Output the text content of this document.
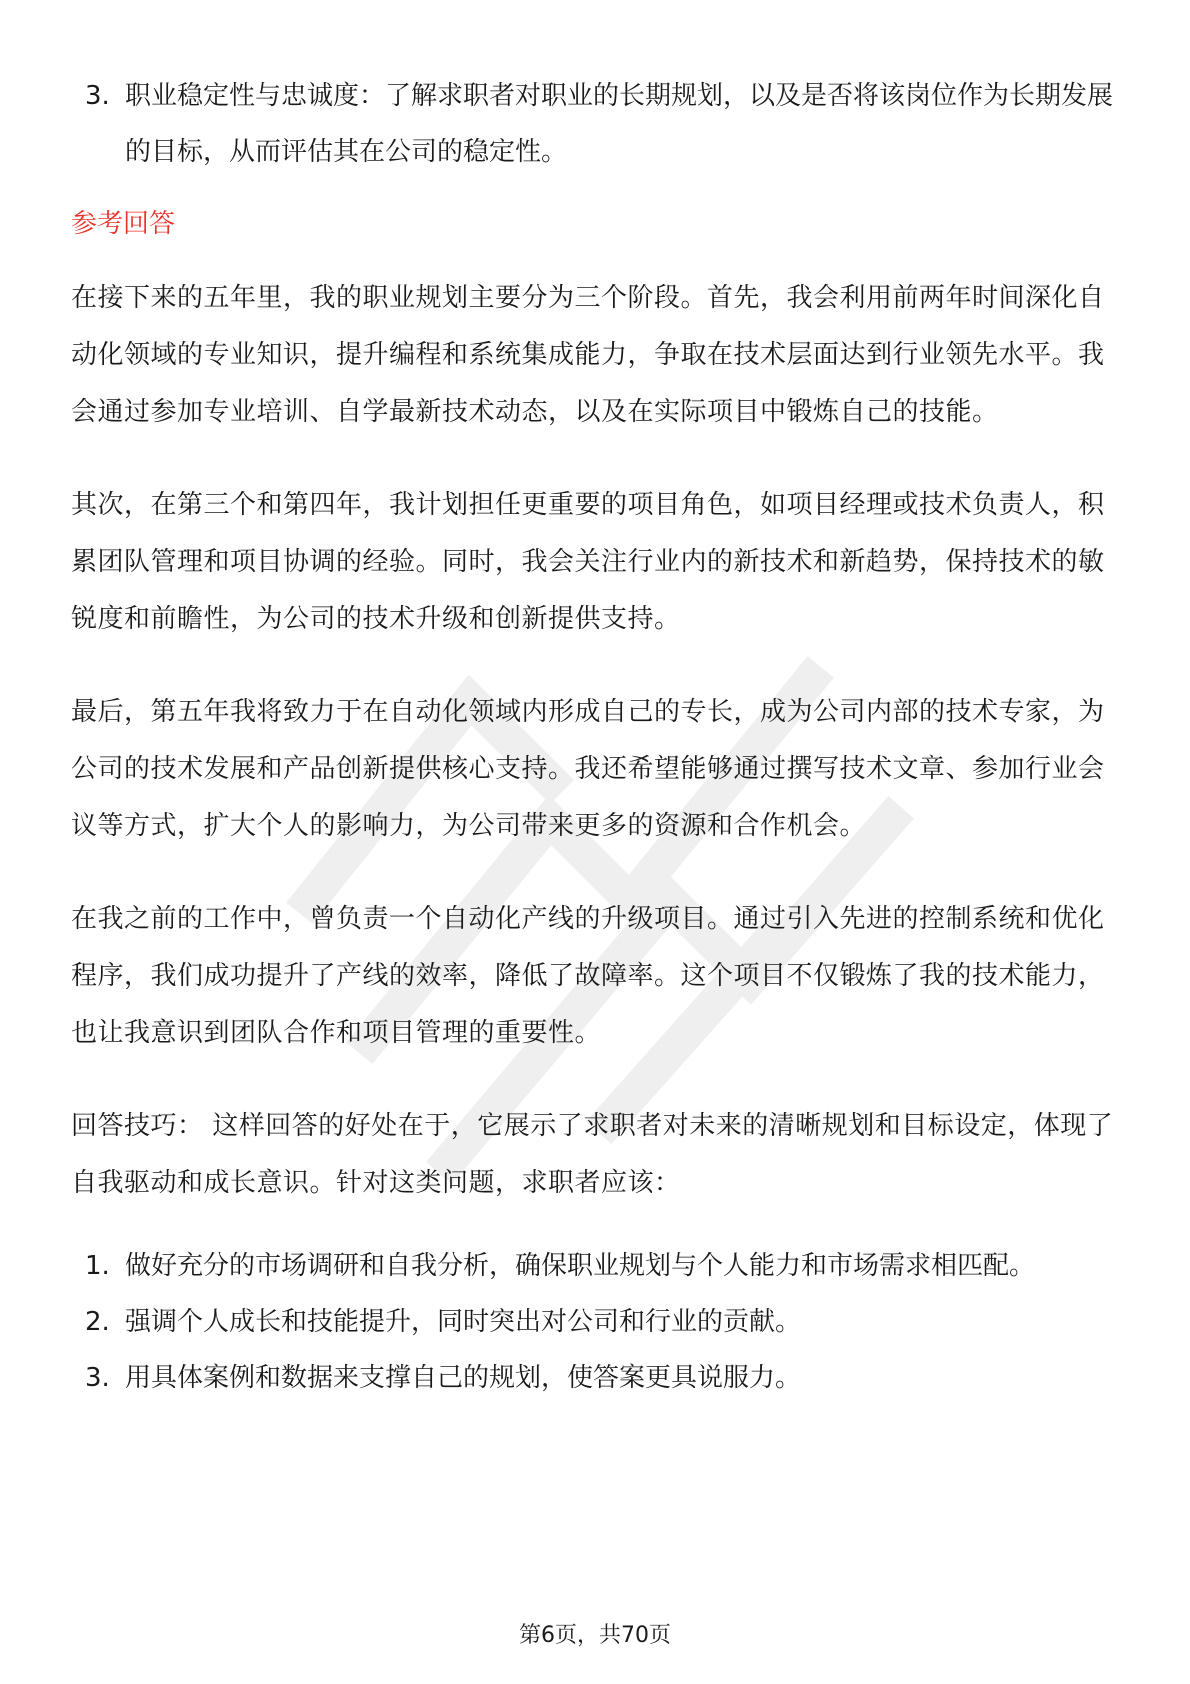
3. 职业稳定性与忠诚度：了解求职者对职业的长期规划，以及是否将该岗位作为长期发展的目标，从而评估其在公司的稳定性。
参考回答

在接下来的五年里，我的职业规划主要分为三个阶段。首先，我会利用前两年时间深化自动化领域的专业知识，提升编程和系统集成能力，争取在技术层面达到行业领先水平。我会通过参加专业培训、自学最新技术动态，以及在实际项目中锻炼自己的技能。

其次，在第三个和第四年，我计划担任更重要的项目角色，如项目经理或技术负责人，积累团队管理和项目协调的经验。同时，我会关注行业内的新技术和新趋势，保持技术的敏锐度和前瞻性，为公司的技术升级和创新提供支持。

最后，第五年我将致力于在自动化领域内形成自己的专长，成为公司内部的技术专家，为公司的技术发展和产品创新提供核心支持。我还希望能够通过撰写技术文章、参加行业会议等方式，扩大个人的影响力，为公司带来更多的资源和合作机会。

在我之前的工作中，曾负责一个自动化产线的升级项目。通过引入先进的控制系统和优化程序，我们成功提升了产线的效率，降低了故障率。这个项目不仅锻炼了我的技术能力，也让我意识到团队合作和项目管理的重要性。

回答技巧： 这样回答的好处在于，它展示了求职者对未来的清晰规划和目标设定，体现了自我驱动和成长意识。针对这类问题，求职者应该：

1. 做好充分的市场调研和自我分析，确保职业规划与个人能力和市场需求相匹配。
2. 强调个人成长和技能提升，同时突出对公司和行业的贡献。
3. 用具体案例和数据来支撑自己的规划，使答案更具说服力。
第6页，共70页
